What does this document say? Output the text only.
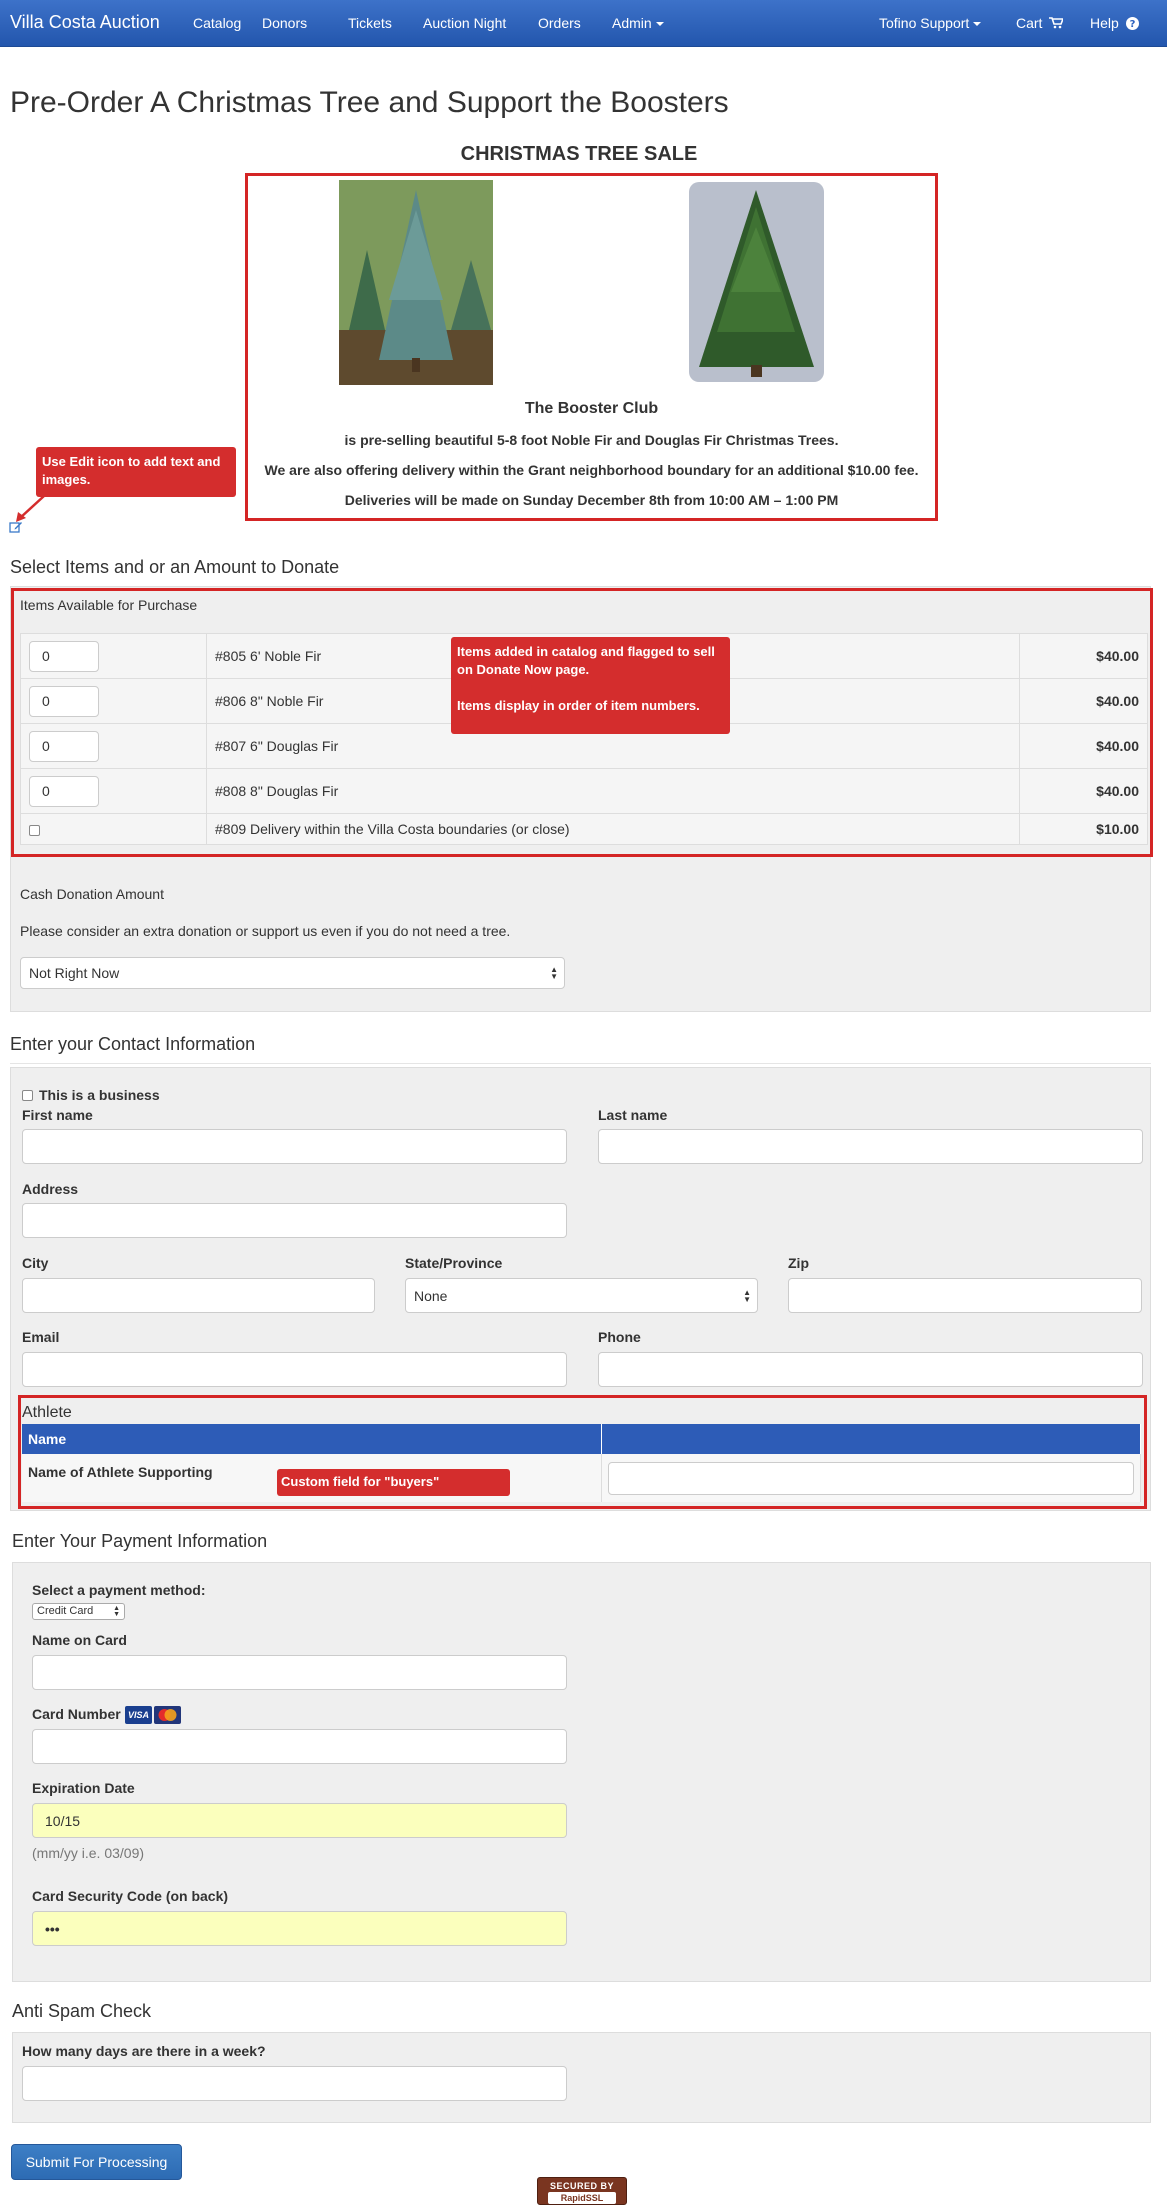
Villa Costa Auction Catalog Donors	Tickets Auction Night Orders Admin	Tofino Support	Cart	Help ?
Pre-Order A Christmas Tree and Support the Boosters
CHRISTMAS TREE SALE
The Booster Club
is pre-selling beautiful 5-8 foot Noble Fir and Douglas Fir Christmas Trees.
We are also offering delivery within the Grant neighborhood boundary for an additional $10.00 fee.
Deliveries will be made on Sunday December 8th from 10:00 AM – 1:00 PM
Use Edit icon to add text and images.
Select Items and or an Amount to Donate
Items Available for Purchase
0	#805 6' Noble Fir	$40.00

0	#806 8" Noble Fir	$40.00

0	#807 6" Douglas Fir	$40.00

0	#808 8" Douglas Fir	$40.00
	#809 Delivery within the Villa Costa boundaries (or close)	$10.00
Items added in catalog and flagged to sell on Donate Now page.
Items display in order of item numbers.
Cash Donation Amount
Please consider an extra donation or support us even if you do not need a tree.
Not Right Now	▲
▼
Enter your Contact Information
This is a business
First name	Last name
Address
City	State/Province
None	▲
▼
Zip
Email	Phone
Athlete
Name	
Name of Athlete Supporting	
Custom field for "buyers"
Enter Your Payment Information
Select a payment method:
Credit Card	▲
▼
Name on Card
Card Number VISA
Expiration Date
10/15
(mm/yy i.e. 03/09)
Card Security Code (on back)
•••
Anti Spam Check
How many days are there in a week?
Submit For Processing
SECURED BY
RapidSSL
